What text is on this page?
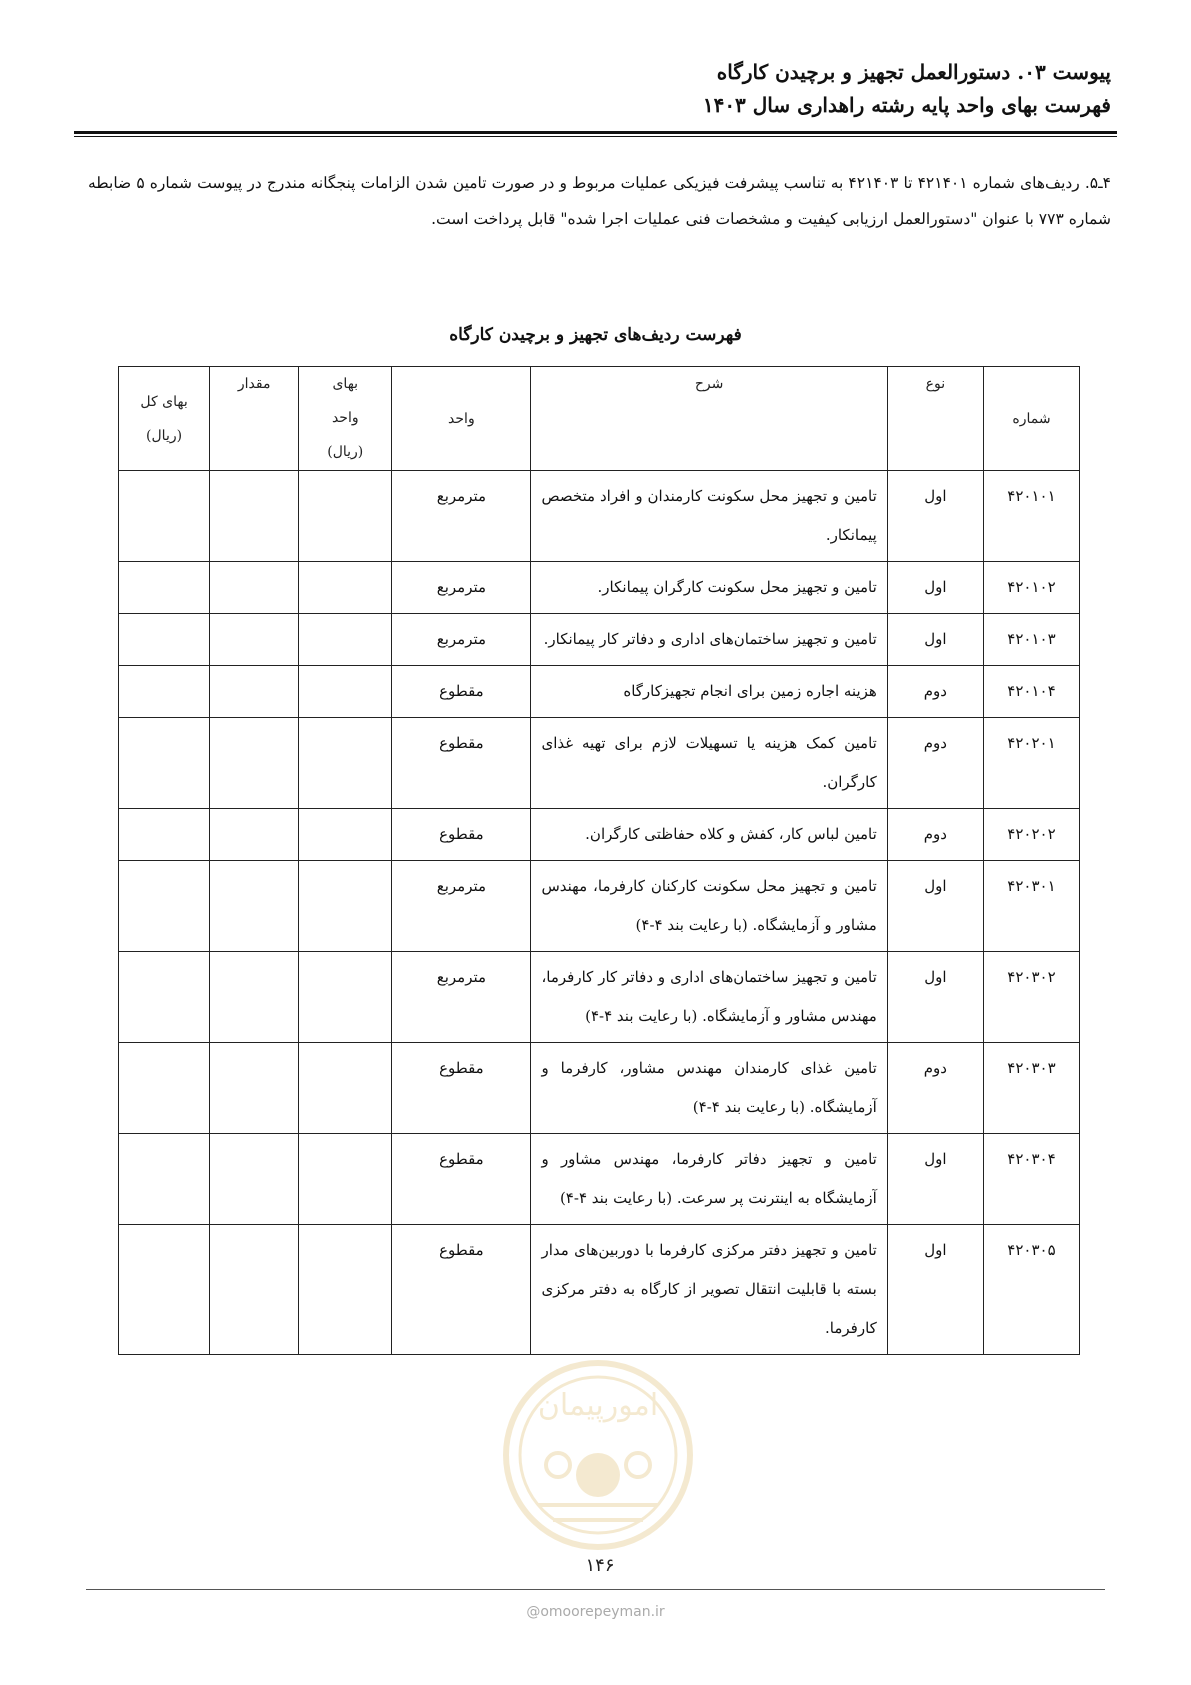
پیوست ۰۳. دستورالعمل تجهیز و برچیدن کارگاه
فهرست بهای واحد پایه رشته راهداری سال ۱۴۰۳
۴ـ۵. ردیف‌های شماره ۴۲۱۴۰۱ تا ۴۲۱۴۰۳ به تناسب پیشرفت فیزیکی عملیات مربوط و در صورت تامین شدن الزامات پنجگانه مندرج در پیوست شماره ۵ ضابطه شماره ۷۷۳ با عنوان "دستورالعمل ارزیابی کیفیت و مشخصات فنی عملیات اجرا شده" قابل پرداخت است.
فهرست ردیف‌های تجهیز و برچیدن کارگاه
شماره	نوع	شرح	واحد	بهای واحد (ریال)	مقدار	بهای کل (ریال)
۴۲۰۱۰۱	اول	تامین و تجهیز محل سکونت کارمندان و افراد متخصص پیمانکار.	مترمربع			
۴۲۰۱۰۲	اول	تامین و تجهیز محل سکونت کارگران پیمانکار.	مترمربع			
۴۲۰۱۰۳	اول	تامین و تجهیز ساختمان‌های اداری و دفاتر کار پیمانکار.	مترمربع			
۴۲۰۱۰۴	دوم	هزینه اجاره زمین برای انجام تجهیزکارگاه	مقطوع			
۴۲۰۲۰۱	دوم	تامین کمک هزینه یا تسهیلات لازم برای تهیه غذای کارگران.	مقطوع			
۴۲۰۲۰۲	دوم	تامین لباس کار، کفش و کلاه حفاظتی کارگران.	مقطوع			
۴۲۰۳۰۱	اول	تامین و تجهیز محل سکونت کارکنان کارفرما، مهندس مشاور و آزمایشگاه. (با رعایت بند ۴-۴)	مترمربع			
۴۲۰۳۰۲	اول	تامین و تجهیز ساختمان‌های اداری و دفاتر کار کارفرما، مهندس مشاور و آزمایشگاه. (با رعایت بند ۴-۴)	مترمربع			
۴۲۰۳۰۳	دوم	تامین غذای کارمندان مهندس مشاور، کارفرما و آزمایشگاه. (با رعایت بند ۴-۴)	مقطوع			
۴۲۰۳۰۴	اول	تامین و تجهیز دفاتر کارفرما، مهندس مشاور و آزمایشگاه به اینترنت پر سرعت. (با رعایت بند ۴-۴)	مقطوع			
۴۲۰۳۰۵	اول	تامین و تجهیز دفتر مرکزی کارفرما با دوربین‌های مدار بسته با قابلیت انتقال تصویر از کارگاه به دفتر مرکزی کارفرما.	مقطوع			
امورپیمان
۱۴۶
@omoorepeyman.ir
